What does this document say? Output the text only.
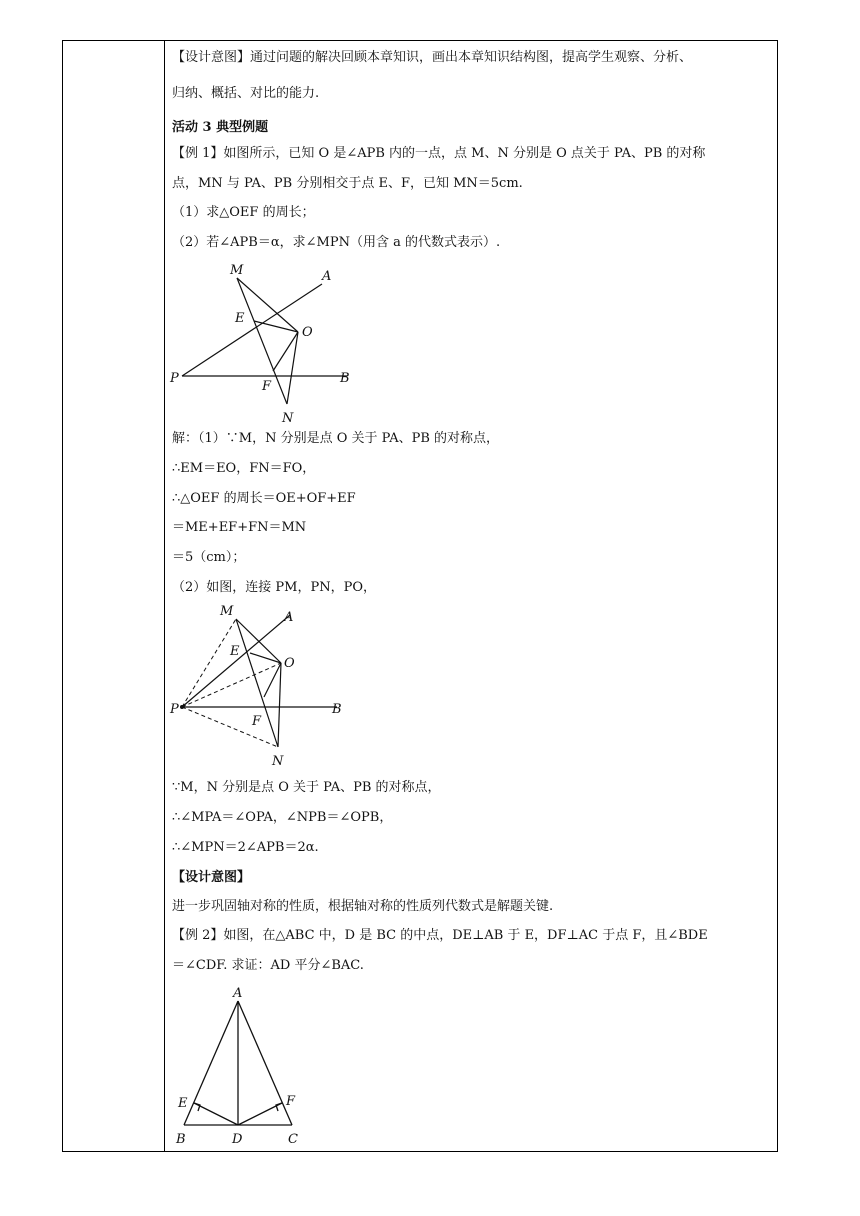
【设计意图】通过问题的解决回顾本章知识，画出本章知识结构图，提高学生观察、分析、
归纳、概括、对比的能力.
活动 3 典型例题
【例 1】如图所示，已知 O 是∠APB 内的一点，点 M、N 分别是 O 点关于 PA、PB 的对称
点，MN 与 PA、PB 分别相交于点 E、F，已知 MN＝5cm.
（1）求△OEF 的周长；
（2）若∠APB＝α，求∠MPN（用含 a 的代数式表示）.
M	A
E
O
P
F
B
N
解：（1）∵M，N 分别是点 O 关于 PA、PB 的对称点，
∴EM＝EO，FN＝FO，
∴△OEF 的周长＝OE+OF+EF
＝ME+EF+FN＝MN
＝5（cm）；
（2）如图，连接 PM，PN，PO，
M	A
E
O
P
F
B
N
∵M，N 分别是点 O 关于 PA、PB 的对称点，
∴∠MPA＝∠OPA，∠NPB＝∠OPB，
∴∠MPN＝2∠APB＝2α.
【设计意图】
进一步巩固轴对称的性质，根据轴对称的性质列代数式是解题关键.
【例 2】如图，在△ABC 中，D 是 BC 的中点，DE⊥AB 于 E，DF⊥AC 于点 F，且∠BDE
＝∠CDF. 求证：AD 平分∠BAC.
A
E	F
B	D	C
